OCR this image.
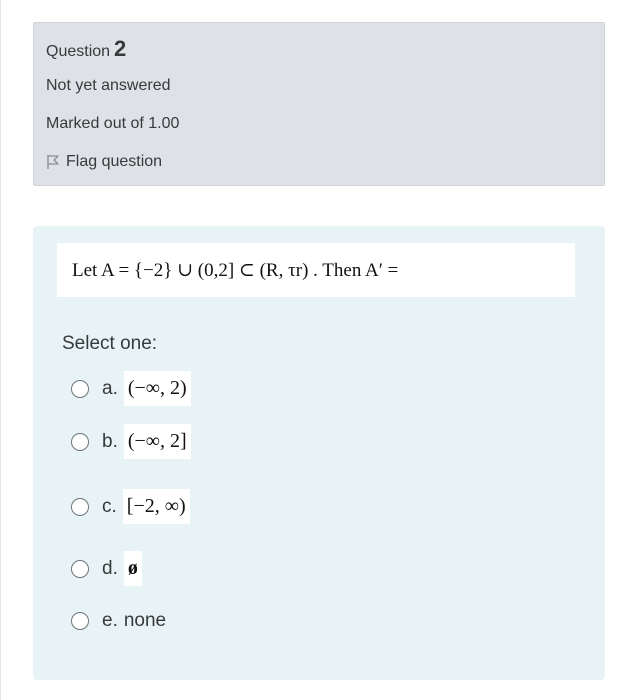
Question 2
Not yet answered
Marked out of 1.00
Flag question
Let A = {−2} ∪ (0,2] ⊂ (R, τr) . Then A′ =
Select one:
a. (−∞, 2)
b. (−∞, 2]
c. [−2, ∞)
d. ø
e. none
